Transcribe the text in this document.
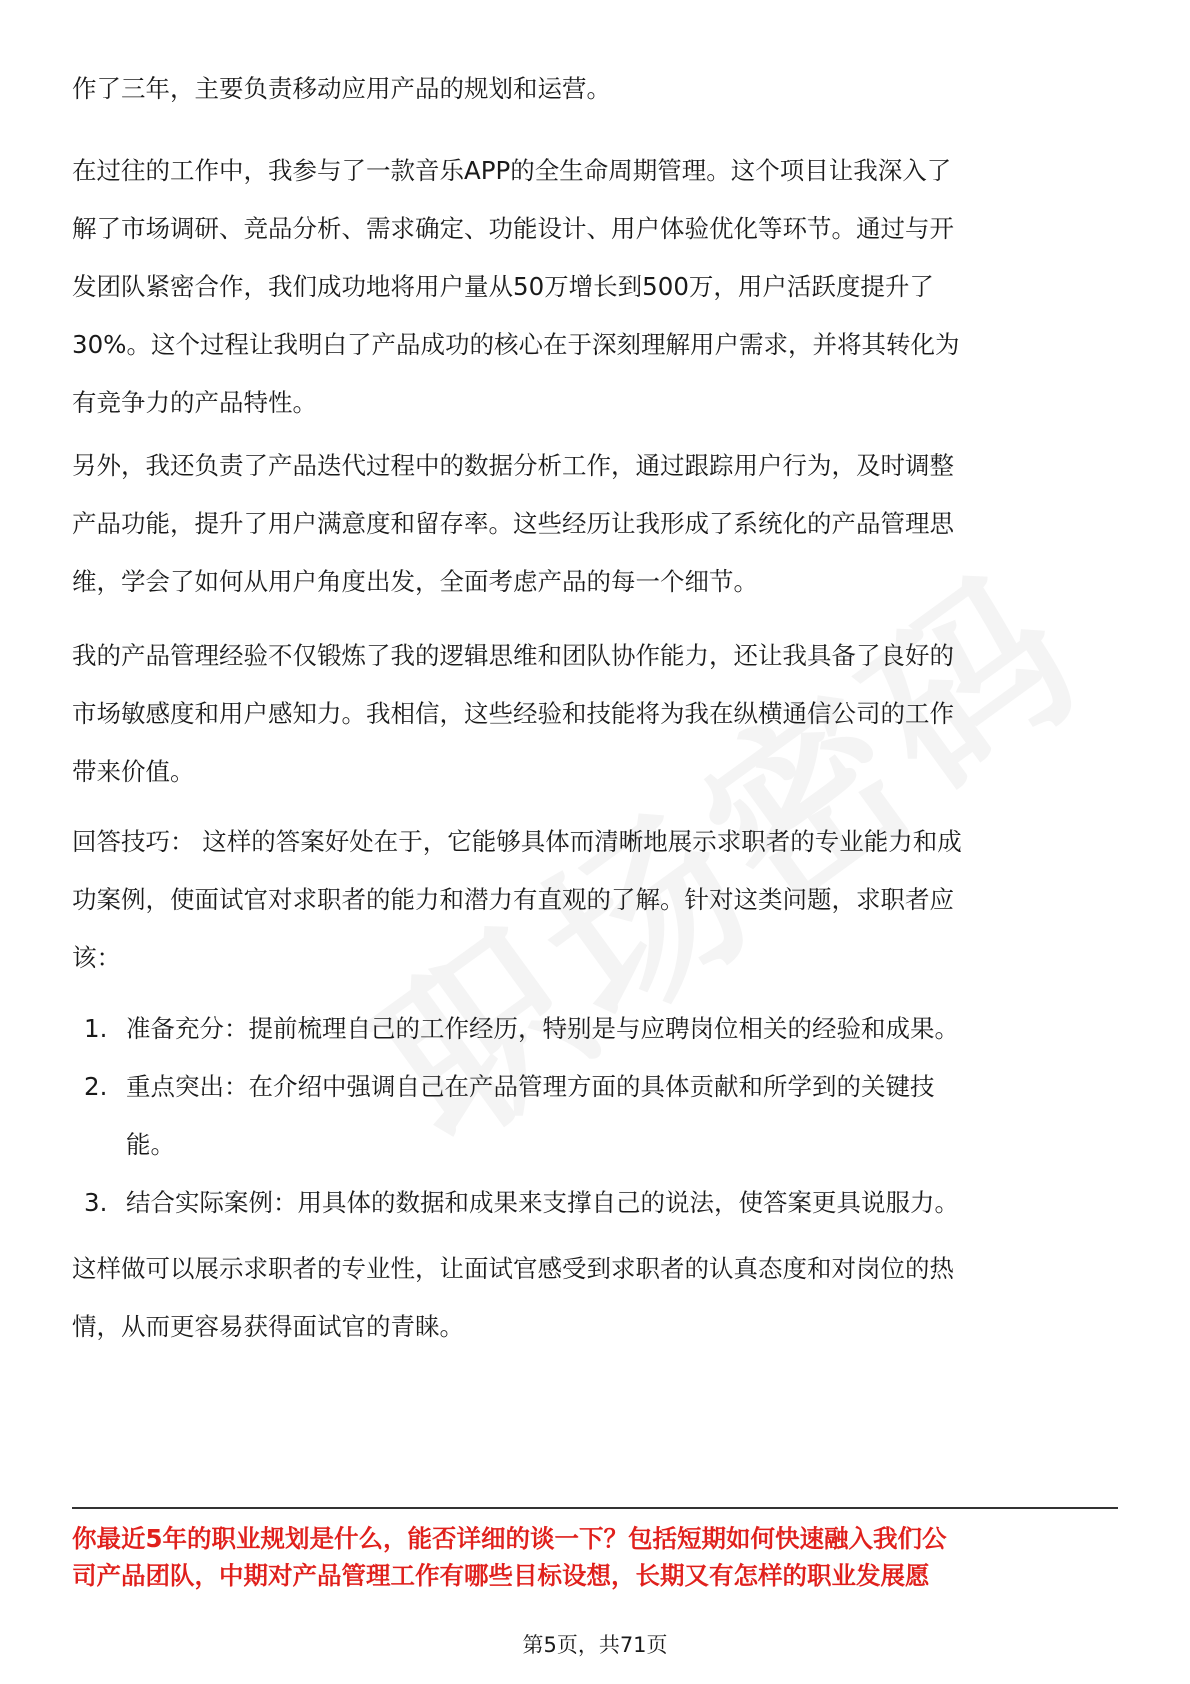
作了三年，主要负责移动应用产品的规划和运营。

在过往的工作中，我参与了一款音乐APP的全生命周期管理。这个项目让我深入了
解了市场调研、竞品分析、需求确定、功能设计、用户体验优化等环节。通过与开
发团队紧密合作，我们成功地将用户量从50万增长到500万，用户活跃度提升了
30%。这个过程让我明白了产品成功的核心在于深刻理解用户需求，并将其转化为
有竞争力的产品特性。

另外，我还负责了产品迭代过程中的数据分析工作，通过跟踪用户行为，及时调整
产品功能，提升了用户满意度和留存率。这些经历让我形成了系统化的产品管理思
维，学会了如何从用户角度出发，全面考虑产品的每一个细节。

我的产品管理经验不仅锻炼了我的逻辑思维和团队协作能力，还让我具备了良好的
市场敏感度和用户感知力。我相信，这些经验和技能将为我在纵横通信公司的工作
带来价值。

回答技巧： 这样的答案好处在于，它能够具体而清晰地展示求职者的专业能力和成
功案例，使面试官对求职者的能力和潜力有直观的了解。针对这类问题，求职者应
该：

1. 准备充分：提前梳理自己的工作经历，特别是与应聘岗位相关的经验和成果。
2. 重点突出：在介绍中强调自己在产品管理方面的具体贡献和所学到的关键技
能。
3. 结合实际案例：用具体的数据和成果来支撑自己的说法，使答案更具说服力。

这样做可以展示求职者的专业性，让面试官感受到求职者的认真态度和对岗位的热
情，从而更容易获得面试官的青睐。

你最近5年的职业规划是什么，能否详细的谈一下？包括短期如何快速融入我们公
司产品团队，中期对产品管理工作有哪些目标设想，长期又有怎样的职业发展愿
第5页，共71页
